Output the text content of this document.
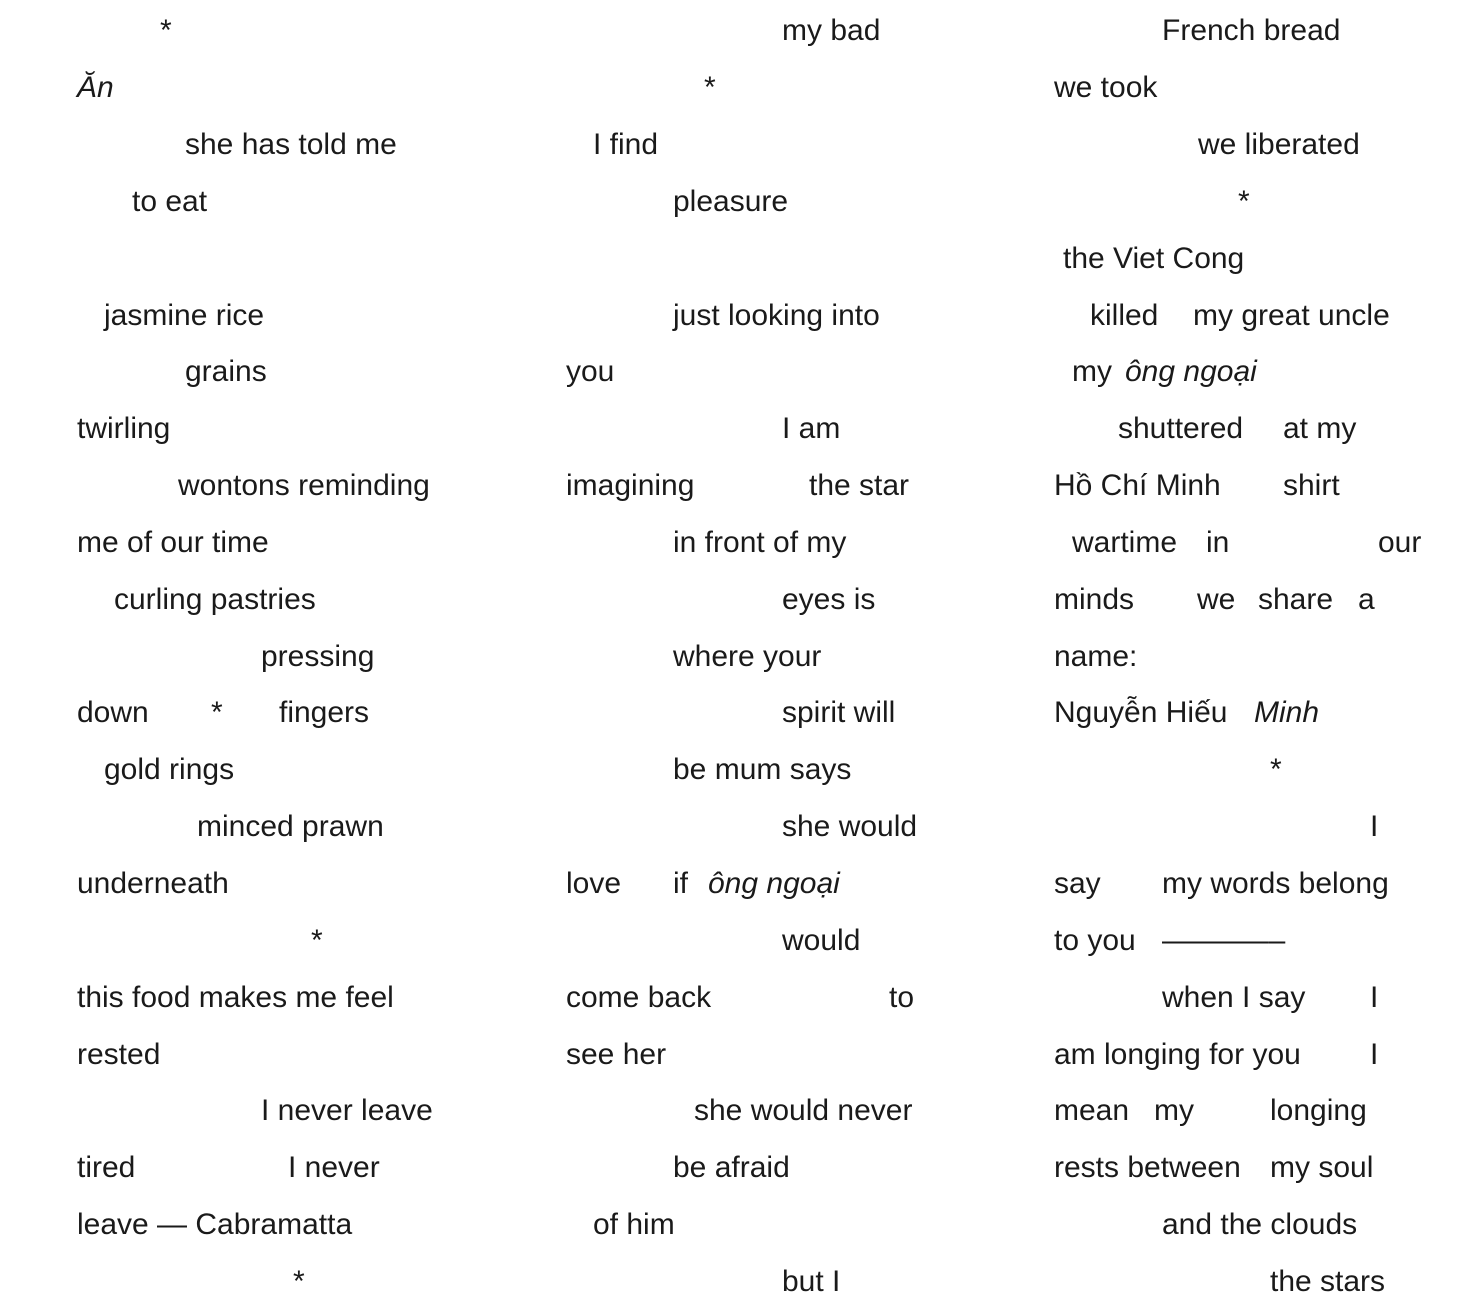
*
Ăn
she has told me
to eat
jasmine rice
grains
twirling
wontons reminding
me of our time
curling pastries
pressing
down * fingers
gold rings
minced prawn
underneath
*
this food makes me feel
rested
I never leave
tired	I never
leave — Cabramatta
*
my bad
*
I find
pleasure
just looking into
you
I am
imagining	the star
in front of my
eyes is
where your
spirit will
be mum says
she would
love if ông ngoại
would
come back	to
see her
she would never
be afraid
of him
but I
French bread
we took
we liberated
*
the Viet Cong
killed my great uncle
my ông ngoại
shuttered at my
Hồ Chí Minh shirt
wartime in	our
minds we share a
name:
Nguyễn Hiếu Minh
*
I
say my words belong
to you ———––
when I say I
am longing for you I
mean my	longing
rests between my soul
and the clouds
the stars
